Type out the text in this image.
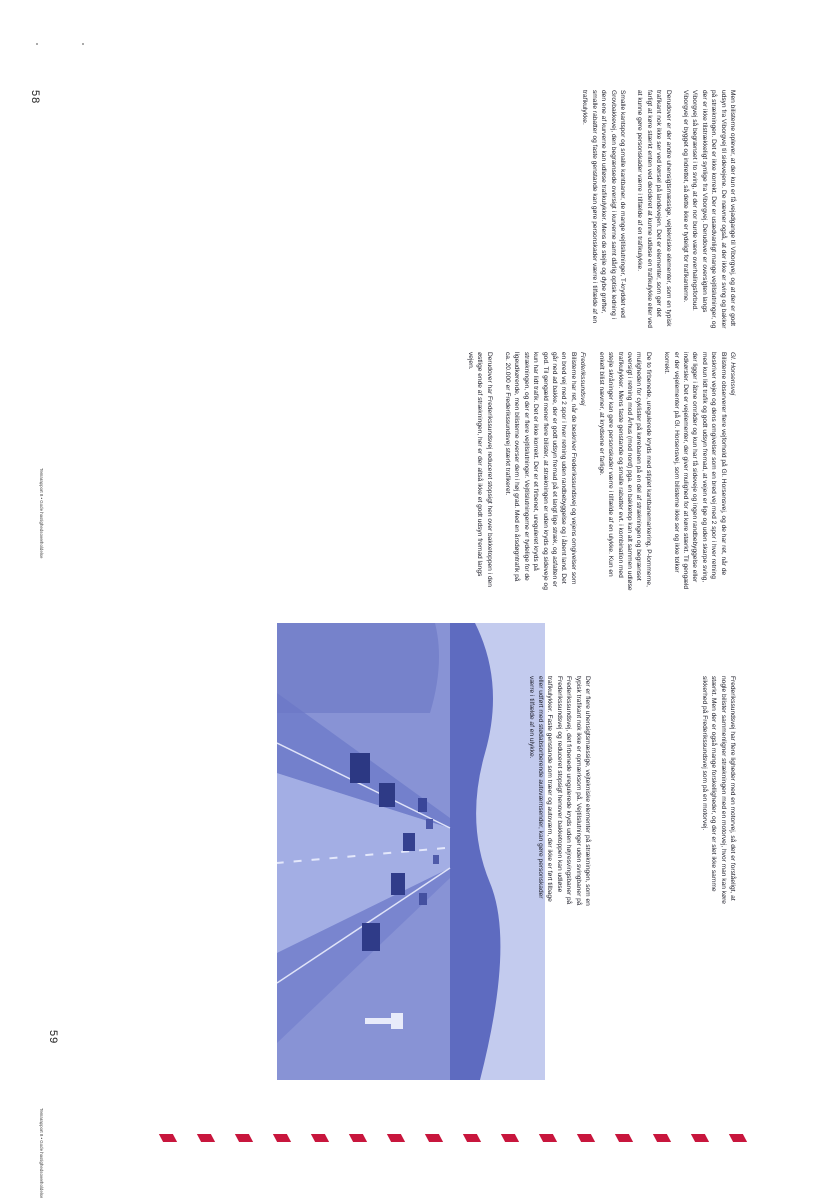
Men bilisterne oplever, at der kun er få vejadgange til Viborgvej, og at der er godt udsyn fra Viborgvej til sidevejene. De nævner også, at der ikke er sving og bakker på strækningen. Det er ikke korrekt. Der er usædvanligt mange vejtilslutninger, og der er ikke tilstrækkeligt synlige fra Viborgvej. Derudover er oversigten langs Viborgvej så begrænset i to sving, at der nor burde være overhalingsforbud. Viborgvej er bygget og indrettet, så dette ikke er tydeligt for trafikanterne.

Derudover er der andre uhensigtsmæssige, vejtekniske elementer, som en typisk trafikant nok ikke ser ved kørsel på landevejen. Det er elementer, som gør det farligt at køre stærkt enten ved decideret at kunne udløse en trafikulykke eller ved at kunne gøre personskader værre i tilfælde af en trafikulykke.

Smalle kantspor og smalle kantbaner, de mange vejtilslutninger, T-kryddet ved Grovbakkevej, den begrænsede oversigt i kurverne samt dårlig optisk ledning i den ene af kurverne kan udløse trafikulykker. Mens de stejle og dybe grøfter, smalle rabatter og faste genstande kan gøre personskader værre i tilfælde af en trafikulykke.

Gl. Horsensvej

Bilisterne observerer flere vejforhold på Gl. Horsensvej, og de har ret, når de beskriver vejen og dens omgivelser som en bred vej med 2 spor i hver retning med kun lidt trafik og godt udsyn fremad, at vejen er lige og uden skarpe sving, der ligger i åbne områder og kun har få sideveje og ingen randbebyggelse eller indkørsler. Det er vejelementer, der giver mulighed for at køre stærkt. Til gengæld er der vejelementer på Gl. Horsensvej, som bilisterne ikke ser og ikke tolker korrekt.

De to firbenede, uregulerede kryds med stiplet kantbanemarkering, P-lommerne, muligheden for cyklister på kørebanen på en del af strækningen og begrænset oversigt i retning mod Århus (mod nord) pga. en bakketop kan alt sammen udløse trafikulykker. Mens faste genstande og smalle rabatter evt. i kombination med stejle skråninger kan gøre personskader værre i tilfælde af en ulykke. Kun en enkelt bilist nævner, at krydsene er farlige.

Frederikssundsvej

Bilisterne har ret, når de beskriver Frederikssundsvej og vejens omgivelser som en bred vej med 2 spor i hver retning uden randbebyggelse og i åbent land. Det går ned ad bakke, der er godt udsyn fremad på et langt lige stræk, og asfalten er god. Til gengæld mener flere bilister, at strækningen er uden kryds og sideveje og kun har lidt trafik. Det er ikke korrekt. Der er et firbenet, ureguleret kryds på strækningen, og der er flere vejtilslutninger. Vejtilslutningerne er tydelige for de ligeudkørende, men bilisterne overser dem i høj grad. Med en årsdøgntrafik på ca. 20.000 er Frederikssundsvej stærkt trafikeret.

Derudover har Frederikssundsvej reduceret stopsigt hen over bakketoppen i den østlige ende af strækningen, her er der altså ikke et godt udsyn fremad langs vejen.

58
Temarapport 8 • Gode hastighedsoverholdelse

Frederikssundsvej har flere ligheder med en motorvej, så det er forståeligt, at nogle bilister sammenligner strækningen med en motorvej, hvor man kan køre stærkt. Men der er også mange forskelligheder, og der er slet ikke samme sikkerhed på Frederikssundsvej som på en motorvej.

Der er flere uhensigtsmæssige, vejtekniske elementer på strækningen, som en typisk trafikant nok ikke er opmærksom på. Vejtilslutninger uden svingbaner på Frederikssundsvej, det firbenede uregulerede kryds uden højresvingsbaner på Frederikssundsvej og reduceret stopsigt henover bakketoppen kan udløse trafikulykker. Faste genstande som træer og autoværn, der ikke er ført tilbage eller udført med stødabsorberende autoværnsender, kan gøre personskader værre i tilfælde af en ulykke.

59
Temarapport 8 • Gode hastighedsoverholdelse
